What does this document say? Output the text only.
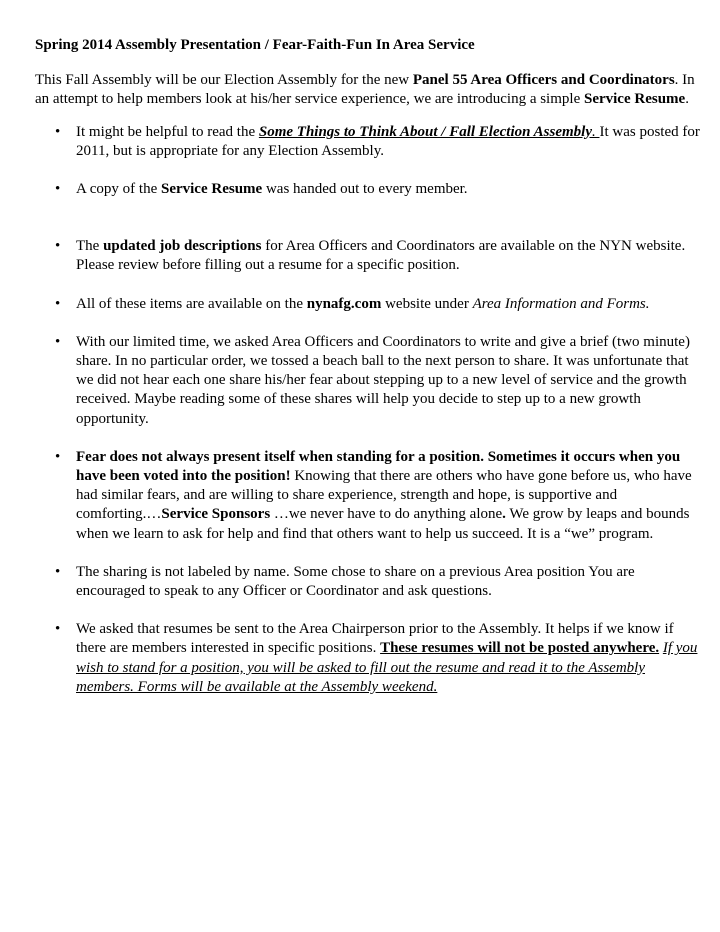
Spring 2014 Assembly Presentation / Fear-Faith-Fun In Area Service

This Fall Assembly will be our Election Assembly for the new Panel 55 Area Officers and Coordinators. In an attempt to help members look at his/her service experience, we are introducing a simple Service Resume.

• It might be helpful to read the Some Things to Think About / Fall Election Assembly. It was posted for 2011, but is appropriate for any Election Assembly.
• A copy of the Service Resume was handed out to every member.
• The updated job descriptions for Area Officers and Coordinators are available on the NYN website. Please review before filling out a resume for a specific position.
• All of these items are available on the nynafg.com website under Area Information and Forms.
• With our limited time, we asked Area Officers and Coordinators to write and give a brief (two minute) share. In no particular order, we tossed a beach ball to the next person to share. It was unfortunate that we did not hear each one share his/her fear about stepping up to a new level of service and the growth received. Maybe reading some of these shares will help you decide to step up to a new growth opportunity.
• Fear does not always present itself when standing for a position. Sometimes it occurs when you have been voted into the position! Knowing that there are others who have gone before us, who have had similar fears, and are willing to share experience, strength and hope, is supportive and comforting.…Service Sponsors …we never have to do anything alone. We grow by leaps and bounds when we learn to ask for help and find that others want to help us succeed. It is a “we” program.
• The sharing is not labeled by name. Some chose to share on a previous Area position You are encouraged to speak to any Officer or Coordinator and ask questions.
• We asked that resumes be sent to the Area Chairperson prior to the Assembly. It helps if we know if there are members interested in specific positions. These resumes will not be posted anywhere. If you wish to stand for a position, you will be asked to fill out the resume and read it to the Assembly members. Forms will be available at the Assembly weekend.
